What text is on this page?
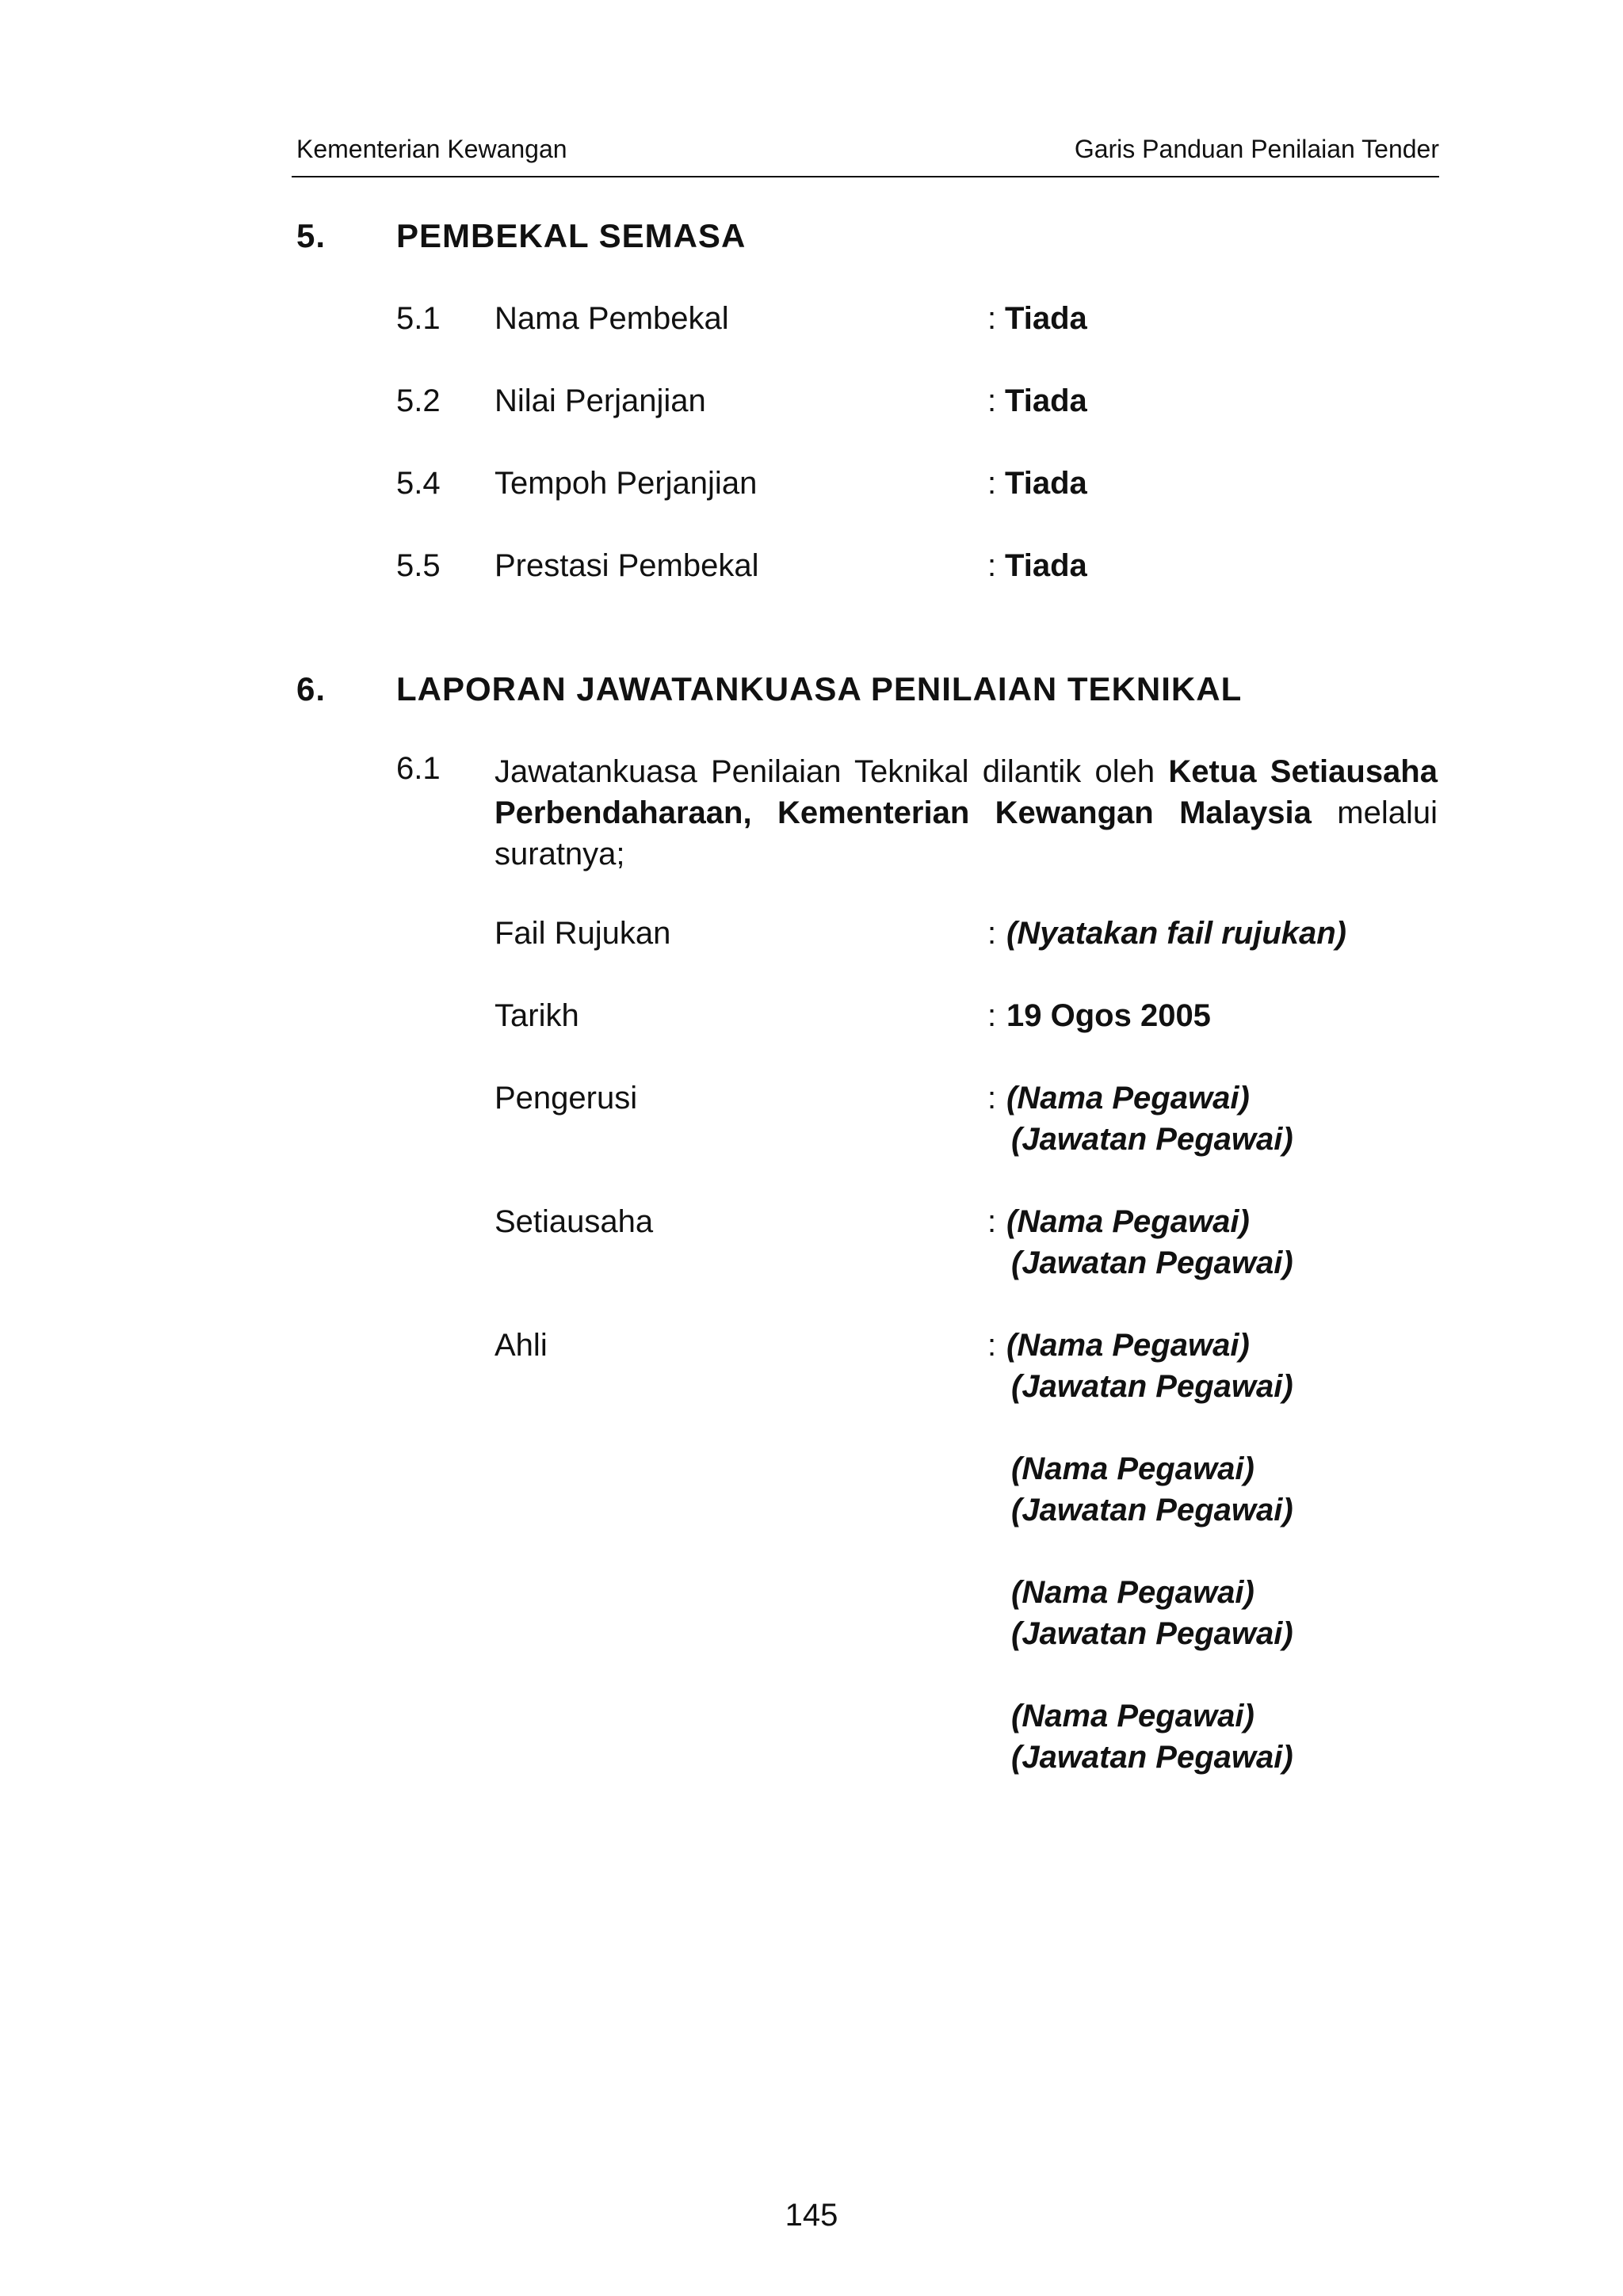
Kementerian Kewangan	Garis Panduan Penilaian Tender
5. PEMBEKAL SEMASA
5.1 Nama Pembekal	: Tiada
5.2 Nilai Perjanjian	: Tiada
5.4 Tempoh Perjanjian	: Tiada
5.5 Prestasi Pembekal	: Tiada
6. LAPORAN JAWATANKUASA PENILAIAN TEKNIKAL
6.1 Jawatankuasa Penilaian Teknikal dilantik oleh Ketua Setiausaha Perbendaharaan, Kementerian Kewangan Malaysia melalui suratnya;
Fail Rujukan	: (Nyatakan fail rujukan)
Tarikh	: 19 Ogos 2005
Pengerusi	: (Nama Pegawai)
(Jawatan Pegawai)
Setiausaha	: (Nama Pegawai)
(Jawatan Pegawai)
Ahli	: (Nama Pegawai)
(Jawatan Pegawai)
(Nama Pegawai)
(Jawatan Pegawai)
(Nama Pegawai)
(Jawatan Pegawai)
(Nama Pegawai)
(Jawatan Pegawai)
145
